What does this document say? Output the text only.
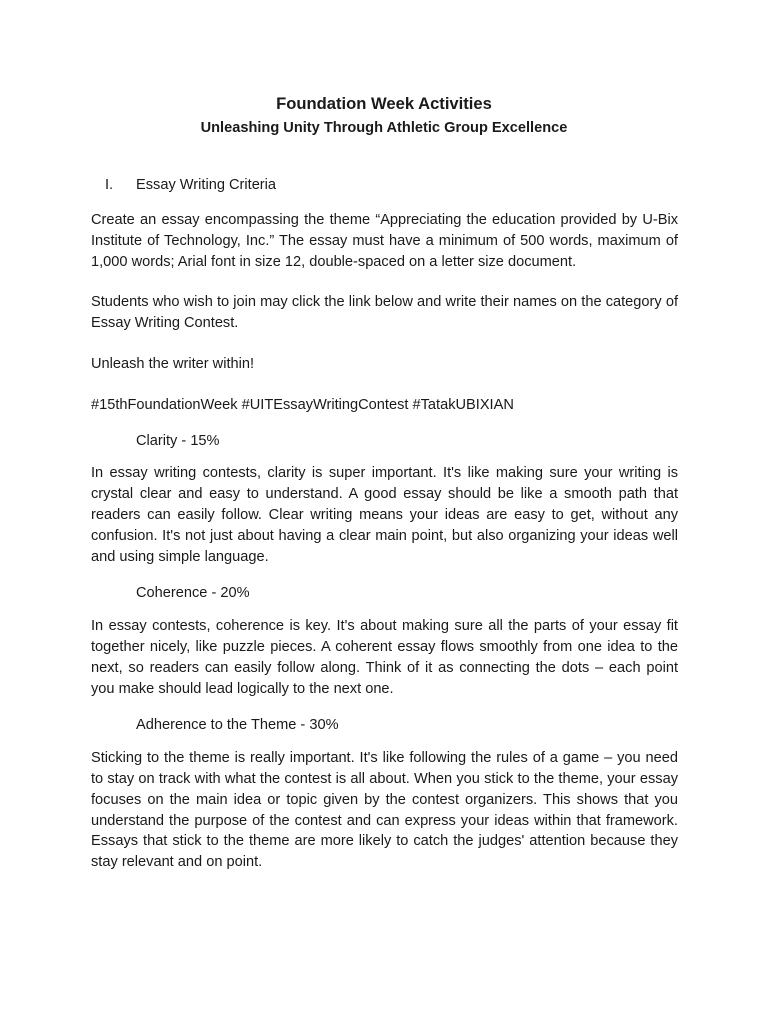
Foundation Week Activities
Unleashing Unity Through Athletic Group Excellence
I.	Essay Writing Criteria

Create an essay encompassing the theme “Appreciating the education provided by U-Bix Institute of Technology, Inc.” The essay must have a minimum of 500 words, maximum of 1,000 words; Arial font in size 12, double-spaced on a letter size document.

Students who wish to join may click the link below and write their names on the category of Essay Writing Contest.

Unleash the writer within!

#15thFoundationWeek #UITEssayWritingContest #TatakUBIXIAN

Clarity - 15%

In essay writing contests, clarity is super important. It's like making sure your writing is crystal clear and easy to understand. A good essay should be like a smooth path that readers can easily follow. Clear writing means your ideas are easy to get, without any confusion. It's not just about having a clear main point, but also organizing your ideas well and using simple language.

Coherence - 20%

In essay contests, coherence is key. It's about making sure all the parts of your essay fit together nicely, like puzzle pieces. A coherent essay flows smoothly from one idea to the next, so readers can easily follow along. Think of it as connecting the dots – each point you make should lead logically to the next one.

Adherence to the Theme - 30%

Sticking to the theme is really important. It's like following the rules of a game – you need to stay on track with what the contest is all about. When you stick to the theme, your essay focuses on the main idea or topic given by the contest organizers. This shows that you understand the purpose of the contest and can express your ideas within that framework. Essays that stick to the theme are more likely to catch the judges' attention because they stay relevant and on point.
